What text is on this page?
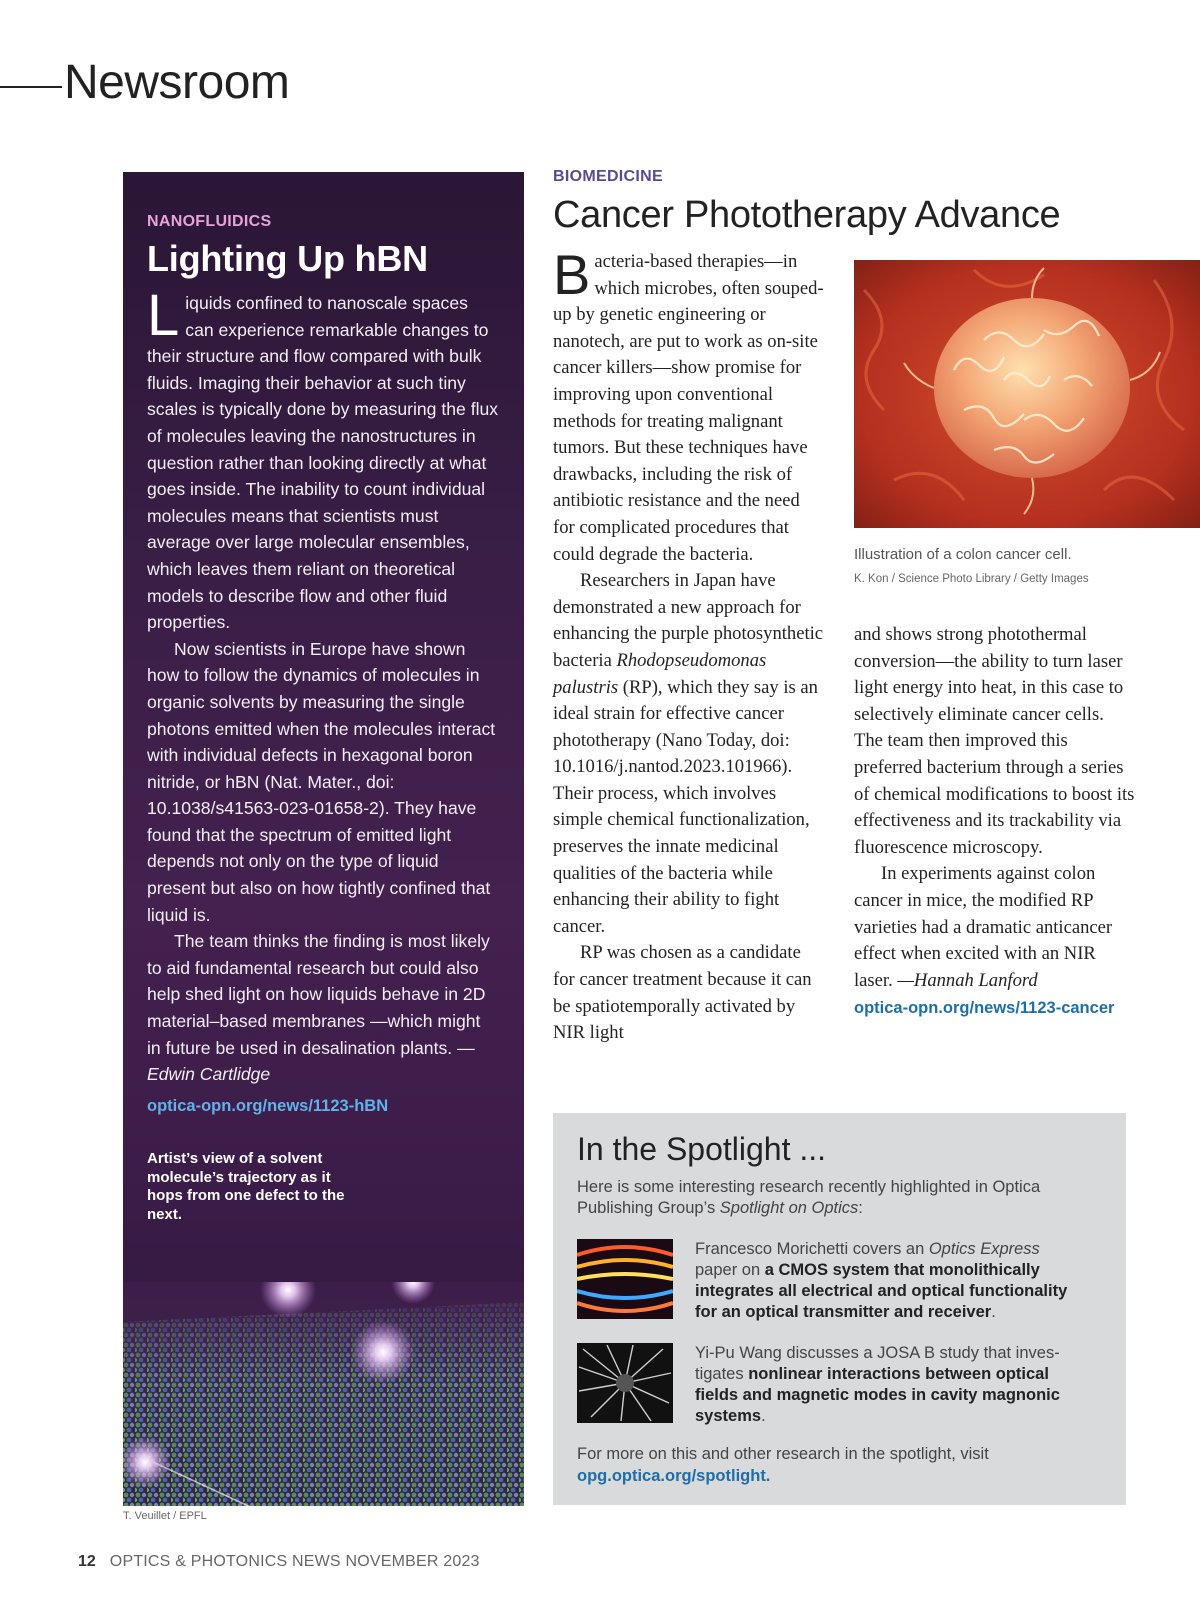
Newsroom
NANOFLUIDICS
Lighting Up hBN

Liquids confined to nanoscale spaces can experience remarkable changes to their structure and flow compared with bulk fluids. Imaging their behavior at such tiny scales is typically done by measuring the flux of molecules leaving the nanostructures in question rather than looking directly at what goes inside. The inability to count individual molecules means that scientists must average over large molecular ensembles, which leaves them reliant on theoretical models to describe flow and other fluid properties.

Now scientists in Europe have shown how to follow the dynamics of molecules in organic solvents by measuring the single photons emitted when the molecules interact with individual defects in hexagonal boron nitride, or hBN (Nat. Mater., doi: 10.1038/s41563-023-01658-2). They have found that the spectrum of emitted light depends not only on the type of liquid present but also on how tightly confined that liquid is.

The team thinks the finding is most likely to aid fundamental research but could also help shed light on how liquids behave in 2D material–based membranes —which might in future be used in desalination plants. —Edwin Cartlidge

optica-opn.org/news/1123-hBN
Artist’s view of a solvent molecule’s trajectory as it hops from one defect to the next.
T. Veuillet / EPFL
BIOMEDICINE
Cancer Phototherapy Advance

Bacteria-based therapies—in which microbes, often souped-up by genetic engineering or nanotech, are put to work as on-site cancer killers—show promise for improving upon conventional methods for treating malignant tumors. But these techniques have drawbacks, including the risk of antibiotic resistance and the need for complicated procedures that could degrade the bacteria.

Researchers in Japan have demonstrated a new approach for enhancing the purple photosynthetic bacteria Rhodopseudomonas palustris (RP), which they say is an ideal strain for effective cancer phototherapy (Nano Today, doi: 10.1016/j.nantod.2023.101966). Their process, which involves simple chemical functionalization, preserves the innate medicinal qualities of the bacteria while enhancing their ability to fight cancer.

RP was chosen as a candidate for cancer treatment because it can be spatiotemporally activated by NIR light

Illustration of a colon cancer cell.
K. Kon / Science Photo Library / Getty Images

and shows strong photothermal conversion—the ability to turn laser light energy into heat, in this case to selectively eliminate cancer cells. The team then improved this preferred bacterium through a series of chemical modifications to boost its effectiveness and its trackability via fluorescence microscopy.

In experiments against colon cancer in mice, the modified RP varieties had a dramatic anticancer effect when excited with an NIR laser. —Hannah Lanford

optica-opn.org/news/1123-cancer
In the Spotlight ...
Here is some interesting research recently highlighted in Optica Publishing Group’s Spotlight on Optics:
Francesco Morichetti covers an Optics Express paper on a CMOS system that monolithically integrates all electrical and optical functionality for an optical transmitter and receiver.
Yi-Pu Wang discusses a JOSA B study that investigates nonlinear interactions between optical fields and magnetic modes in cavity magnonic systems.
For more on this and other research in the spotlight, visit opg.optica.org/spotlight.
12 OPTICS & PHOTONICS NEWS NOVEMBER 2023
